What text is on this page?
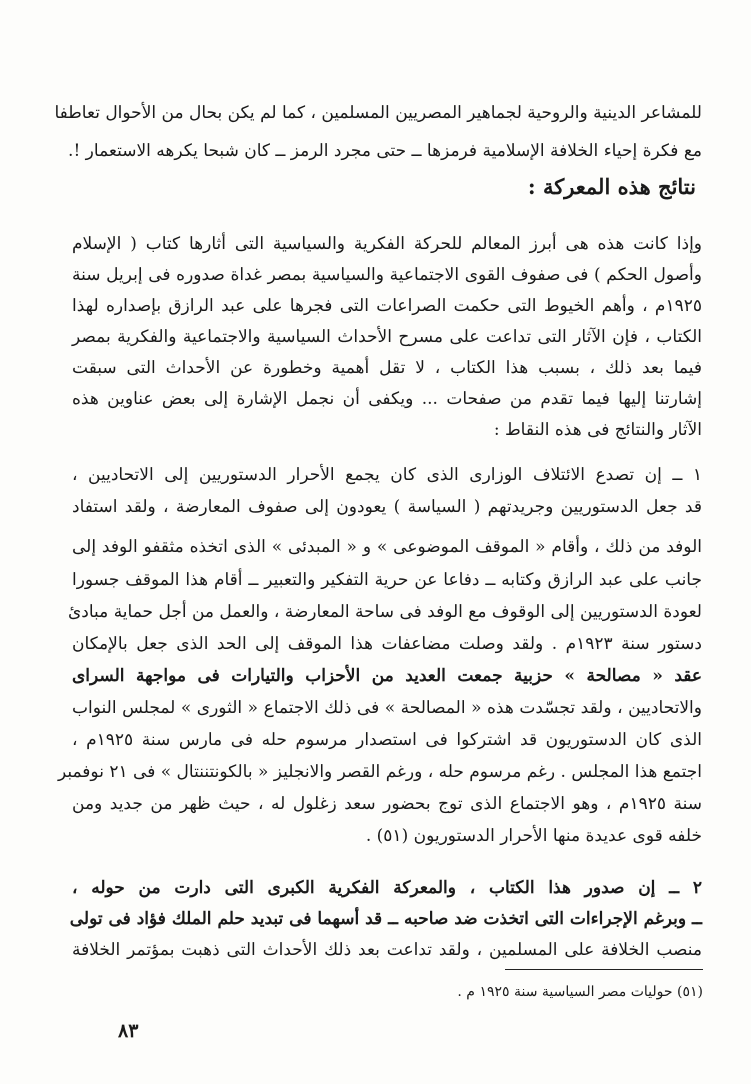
للمشاعر الدينية والروحية لجماهير المصريين المسلمين ، كما لم يكن بحال من الأحوال تعاطفا
مع فكرة إحياء الخلافة الإسلامية فرمزها ــ حتى مجرد الرمز ــ كان شبحا يكرهه الاستعمار !.
نتائج هذه المعركة :
وإذا كانت هذه هى أبرز المعالم للحركة الفكرية والسياسية التى أثارها كتاب ( الإسلام
وأصول الحكم ) فى صفوف القوى الاجتماعية والسياسية بمصر غداة صدوره فى إبريل سنة
١٩٢٥م ، وأهم الخيوط التى حكمت الصراعات التى فجرها على عبد الرازق بإصداره لهذا
الكتاب ، فإن الآثار التى تداعت على مسرح الأحداث السياسية والاجتماعية والفكرية بمصر
فيما بعد ذلك ، بسبب هذا الكتاب ، لا تقل أهمية وخطورة عن الأحداث التى سبقت
إشارتنا إليها فيما تقدم من صفحات ... ويكفى أن نجمل الإشارة إلى بعض عناوين هذه
الآثار والنتائج فى هذه النقاط :
١ ــ إن تصدع الائتلاف الوزارى الذى كان يجمع الأحرار الدستوريين إلى الاتحاديين ،
قد جعل الدستوريين وجريدتهم ( السياسة ) يعودون إلى صفوف المعارضة ، ولقد استفاد
الوفد من ذلك ، وأقام « الموقف الموضوعى » و « المبدئى » الذى اتخذه مثقفو الوفد إلى
جانب على عبد الرازق وكتابه ــ دفاعا عن حرية التفكير والتعبير ــ أقام هذا الموقف جسورا
لعودة الدستوريين إلى الوقوف مع الوفد فى ساحة المعارضة ، والعمل من أجل حماية مبادئ
دستور سنة ١٩٢٣م . ولقد وصلت مضاعفات هذا الموقف إلى الحد الذى جعل بالإمكان
عقد « مصالحة » حزبية جمعت العديد من الأحزاب والتيارات فى مواجهة السراى
والاتحاديين ، ولقد تجسّدت هذه « المصالحة » فى ذلك الاجتماع « الثورى » لمجلس النواب
الذى كان الدستوريون قد اشتركوا فى استصدار مرسوم حله فى مارس سنة ١٩٢٥م ،
اجتمع هذا المجلس . رغم مرسوم حله ، ورغم القصر والانجليز « بالكونتننتال » فى ٢١ نوفمبر
سنة ١٩٢٥م ، وهو الاجتماع الذى توج بحضور سعد زغلول له ، حيث ظهر من جديد ومن
خلفه قوى عديدة منها الأحرار الدستوريون (٥١) .
٢ ــ إن صدور هذا الكتاب ، والمعركة الفكرية الكبرى التى دارت من حوله ،
ــ وبرغم الإجراءات التى اتخذت ضد صاحبه ــ قد أسهما فى تبديد حلم الملك فؤاد فى تولى
منصب الخلافة على المسلمين ، ولقد تداعت بعد ذلك الأحداث التى ذهبت بمؤتمر الخلافة
(٥١) حوليات مصر السياسية سنة ١٩٢٥ م .
٨٣
